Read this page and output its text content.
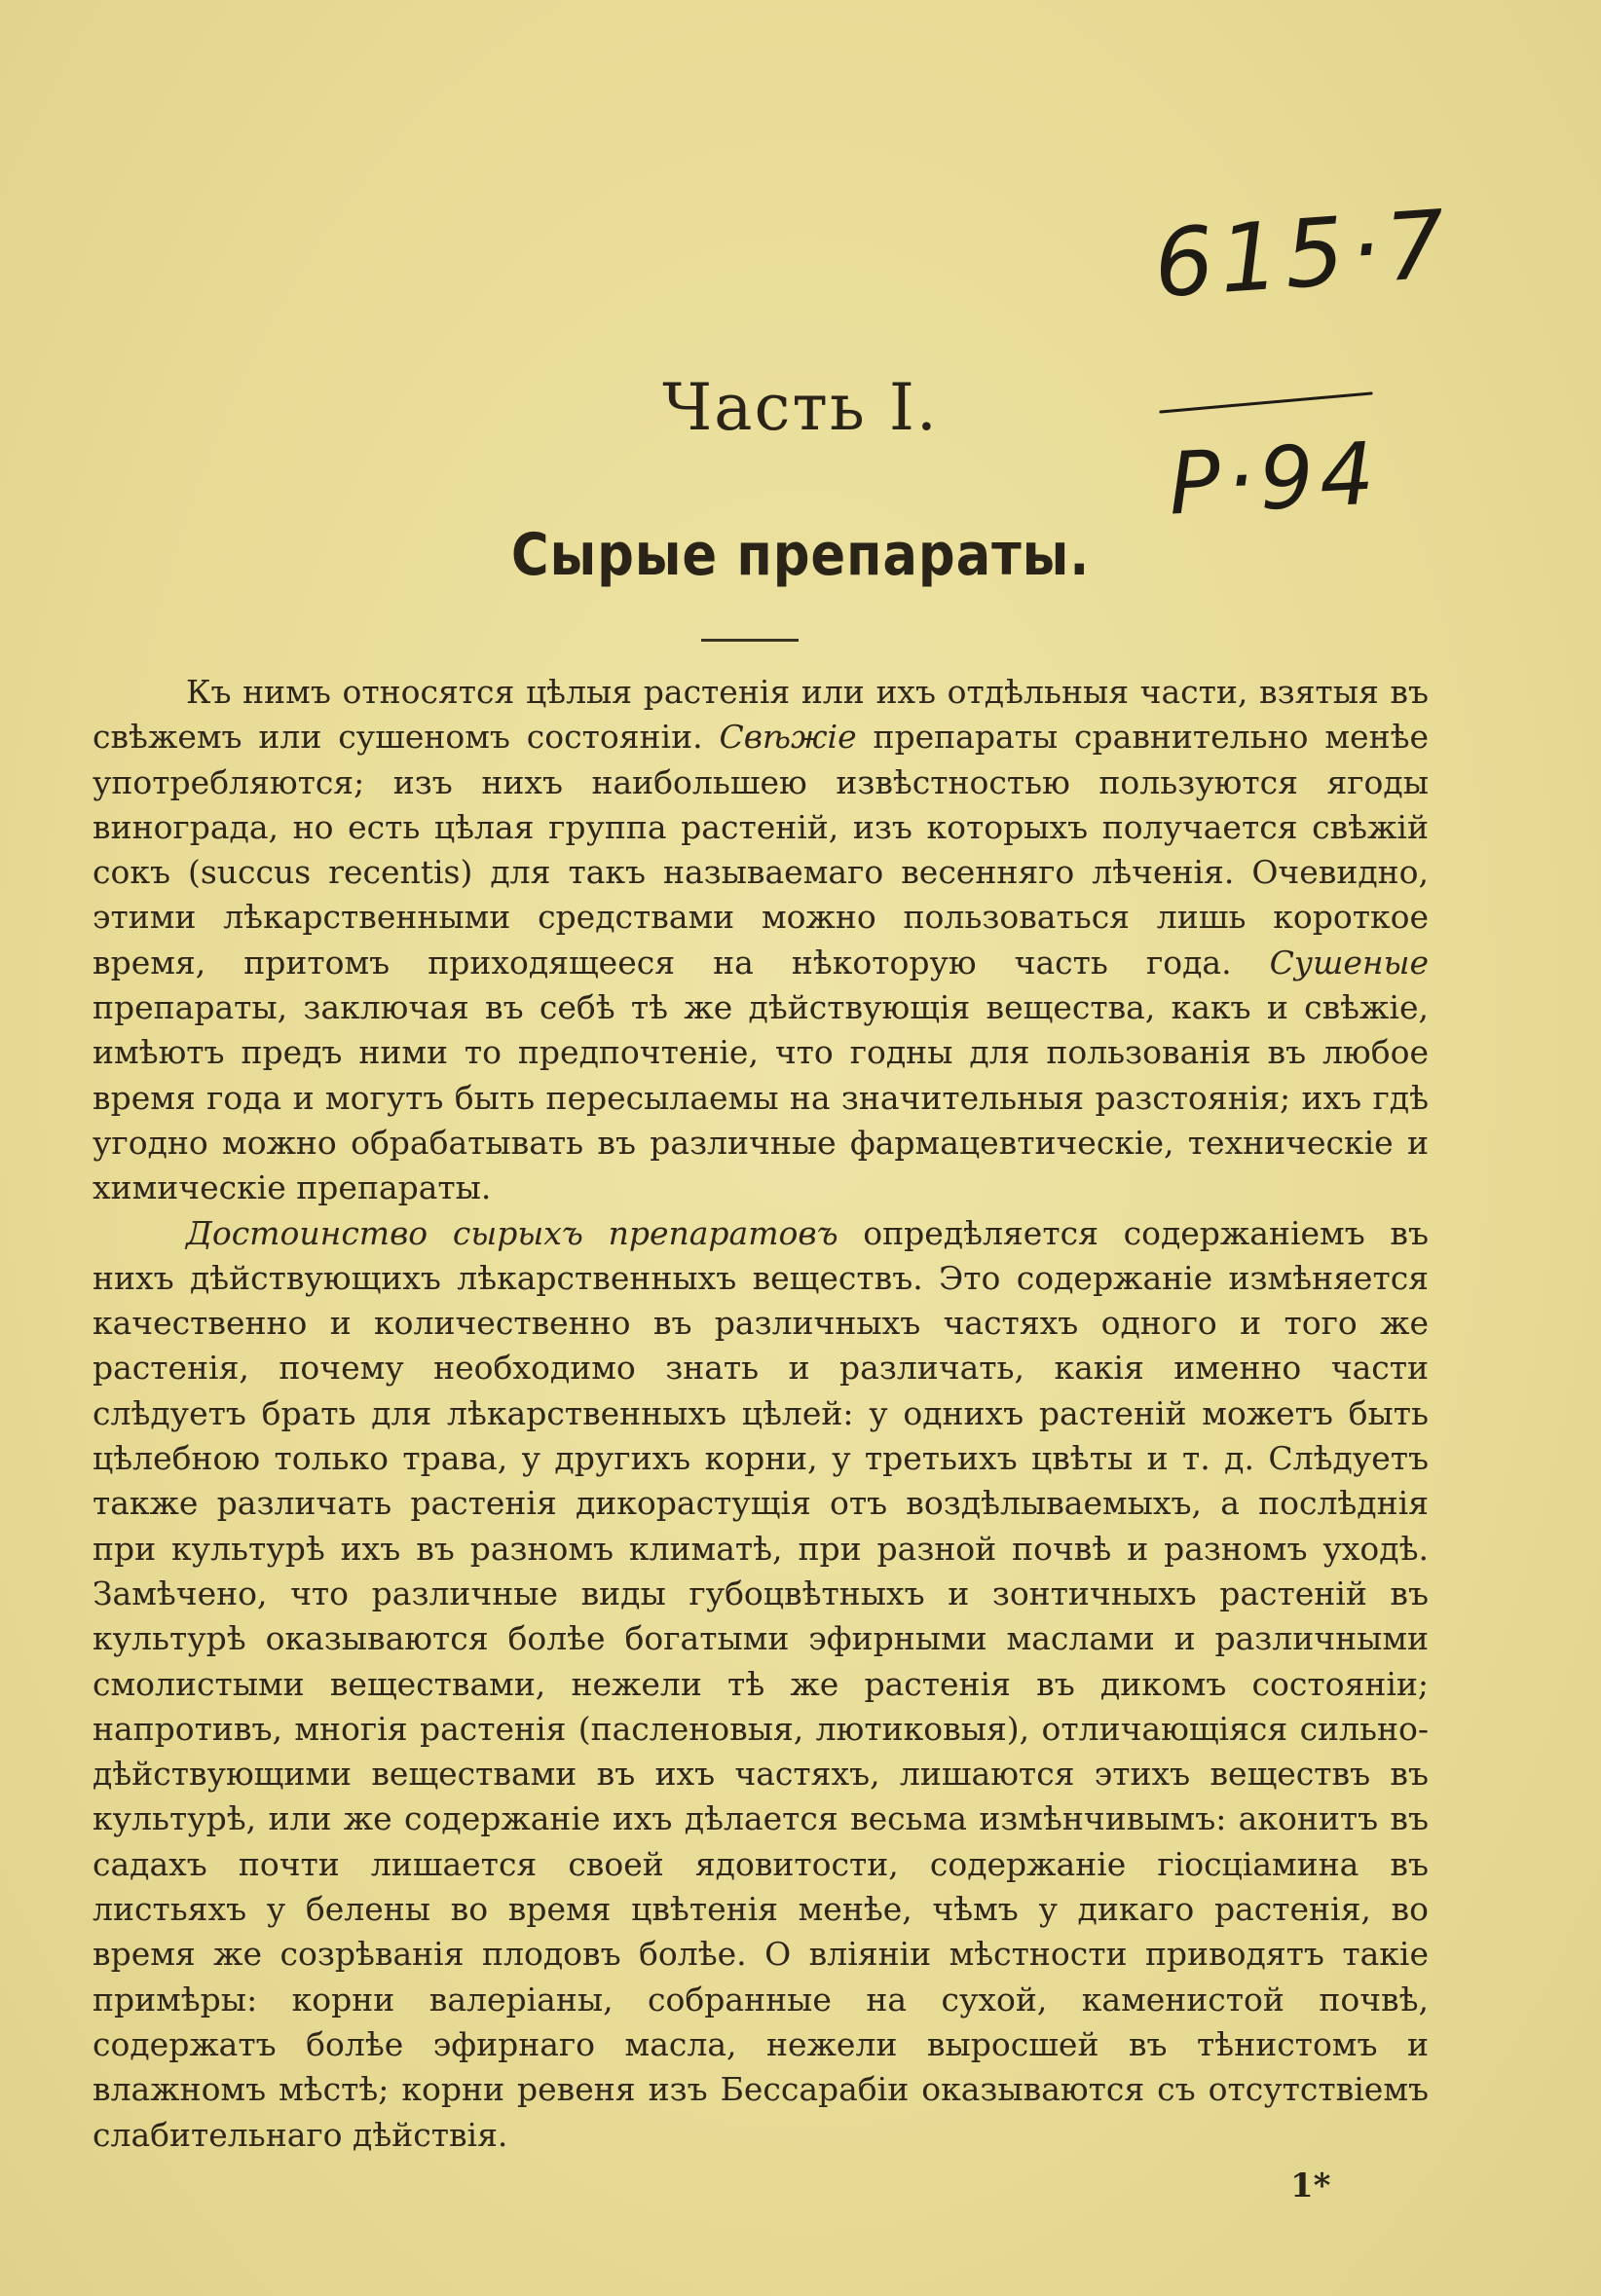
615·7
P·94
Часть I.
Сырые препараты.

Къ нимъ относятся цѣлыя растенія или ихъ отдѣльныя части, взятыя въ свѣжемъ или сушеномъ состояніи. Свѣжіе препараты сравнительно менѣе употребляются; изъ нихъ наибольшею извѣстностью пользуются ягоды винограда, но есть цѣлая группа растеній, изъ которыхъ получается свѣжій сокъ (succus recentis) для такъ называемаго весенняго лѣченія. Очевидно, этими лѣкарственными средствами можно пользоваться лишь короткое время, притомъ приходящееся на нѣкоторую часть года. Сушеные препараты, заключая въ себѣ тѣ же дѣйствующія вещества, какъ и свѣжіе, имѣютъ предъ ними то предпочтеніе, что годны для пользованія въ любое время года и могутъ быть пересылаемы на значительныя разстоянія; ихъ гдѣ угодно можно обрабатывать въ различные фармацевтическіе, техническіе и химическіе препараты.

Достоинство сырыхъ препаратовъ опредѣляется содержаніемъ въ нихъ дѣйствующихъ лѣкарственныхъ веществъ. Это содержаніе измѣняется качественно и количественно въ различныхъ частяхъ одного и того же растенія, почему необходимо знать и различать, какія именно части слѣдуетъ брать для лѣкарственныхъ цѣлей: у однихъ растеній можетъ быть цѣлебною только трава, у другихъ корни, у третьихъ цвѣты и т. д. Слѣдуетъ также различать растенія дикорастущія отъ воздѣлываемыхъ, а послѣднія при культурѣ ихъ въ разномъ климатѣ, при разной почвѣ и разномъ уходѣ. Замѣчено, что различные виды губоцвѣтныхъ и зонтичныхъ растеній въ культурѣ оказываются болѣе богатыми эфирными маслами и различными смолистыми веществами, нежели тѣ же растенія въ дикомъ состояніи; напротивъ, многія растенія (пасленовыя, лютиковыя), отличающіяся сильно-дѣйствующими веществами въ ихъ частяхъ, лишаются этихъ веществъ въ культурѣ, или же содержаніе ихъ дѣлается весьма измѣнчивымъ: аконитъ въ садахъ почти лишается своей ядовитости, содержаніе гіосціамина въ листьяхъ у белены во время цвѣтенія менѣе, чѣмъ у дикаго растенія, во время же созрѣванія плодовъ болѣе. О вліяніи мѣстности приводятъ такіе примѣры: корни валеріаны, собранные на сухой, каменистой почвѣ, содержатъ болѣе эфирнаго масла, нежели выросшей въ тѣнистомъ и влажномъ мѣстѣ; корни ревеня изъ Бессарабіи оказываются съ отсутствіемъ слабительнаго дѣйствія.

1*
